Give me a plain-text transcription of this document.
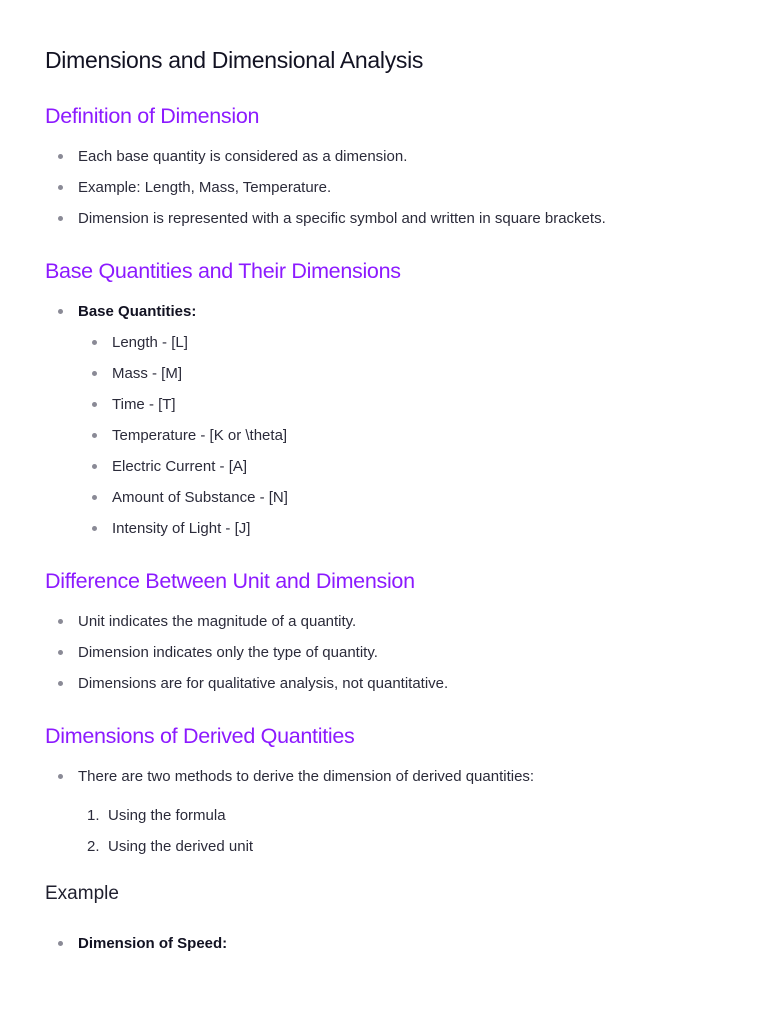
Dimensions and Dimensional Analysis
Definition of Dimension
Each base quantity is considered as a dimension.
Example: Length, Mass, Temperature.
Dimension is represented with a specific symbol and written in square brackets.
Base Quantities and Their Dimensions
Base Quantities:
Length - [L]
Mass - [M]
Time - [T]
Temperature - [K or \theta]
Electric Current - [A]
Amount of Substance - [N]
Intensity of Light - [J]
Difference Between Unit and Dimension
Unit indicates the magnitude of a quantity.
Dimension indicates only the type of quantity.
Dimensions are for qualitative analysis, not quantitative.
Dimensions of Derived Quantities
There are two methods to derive the dimension of derived quantities:
1. Using the formula
2. Using the derived unit
Example
Dimension of Speed:
